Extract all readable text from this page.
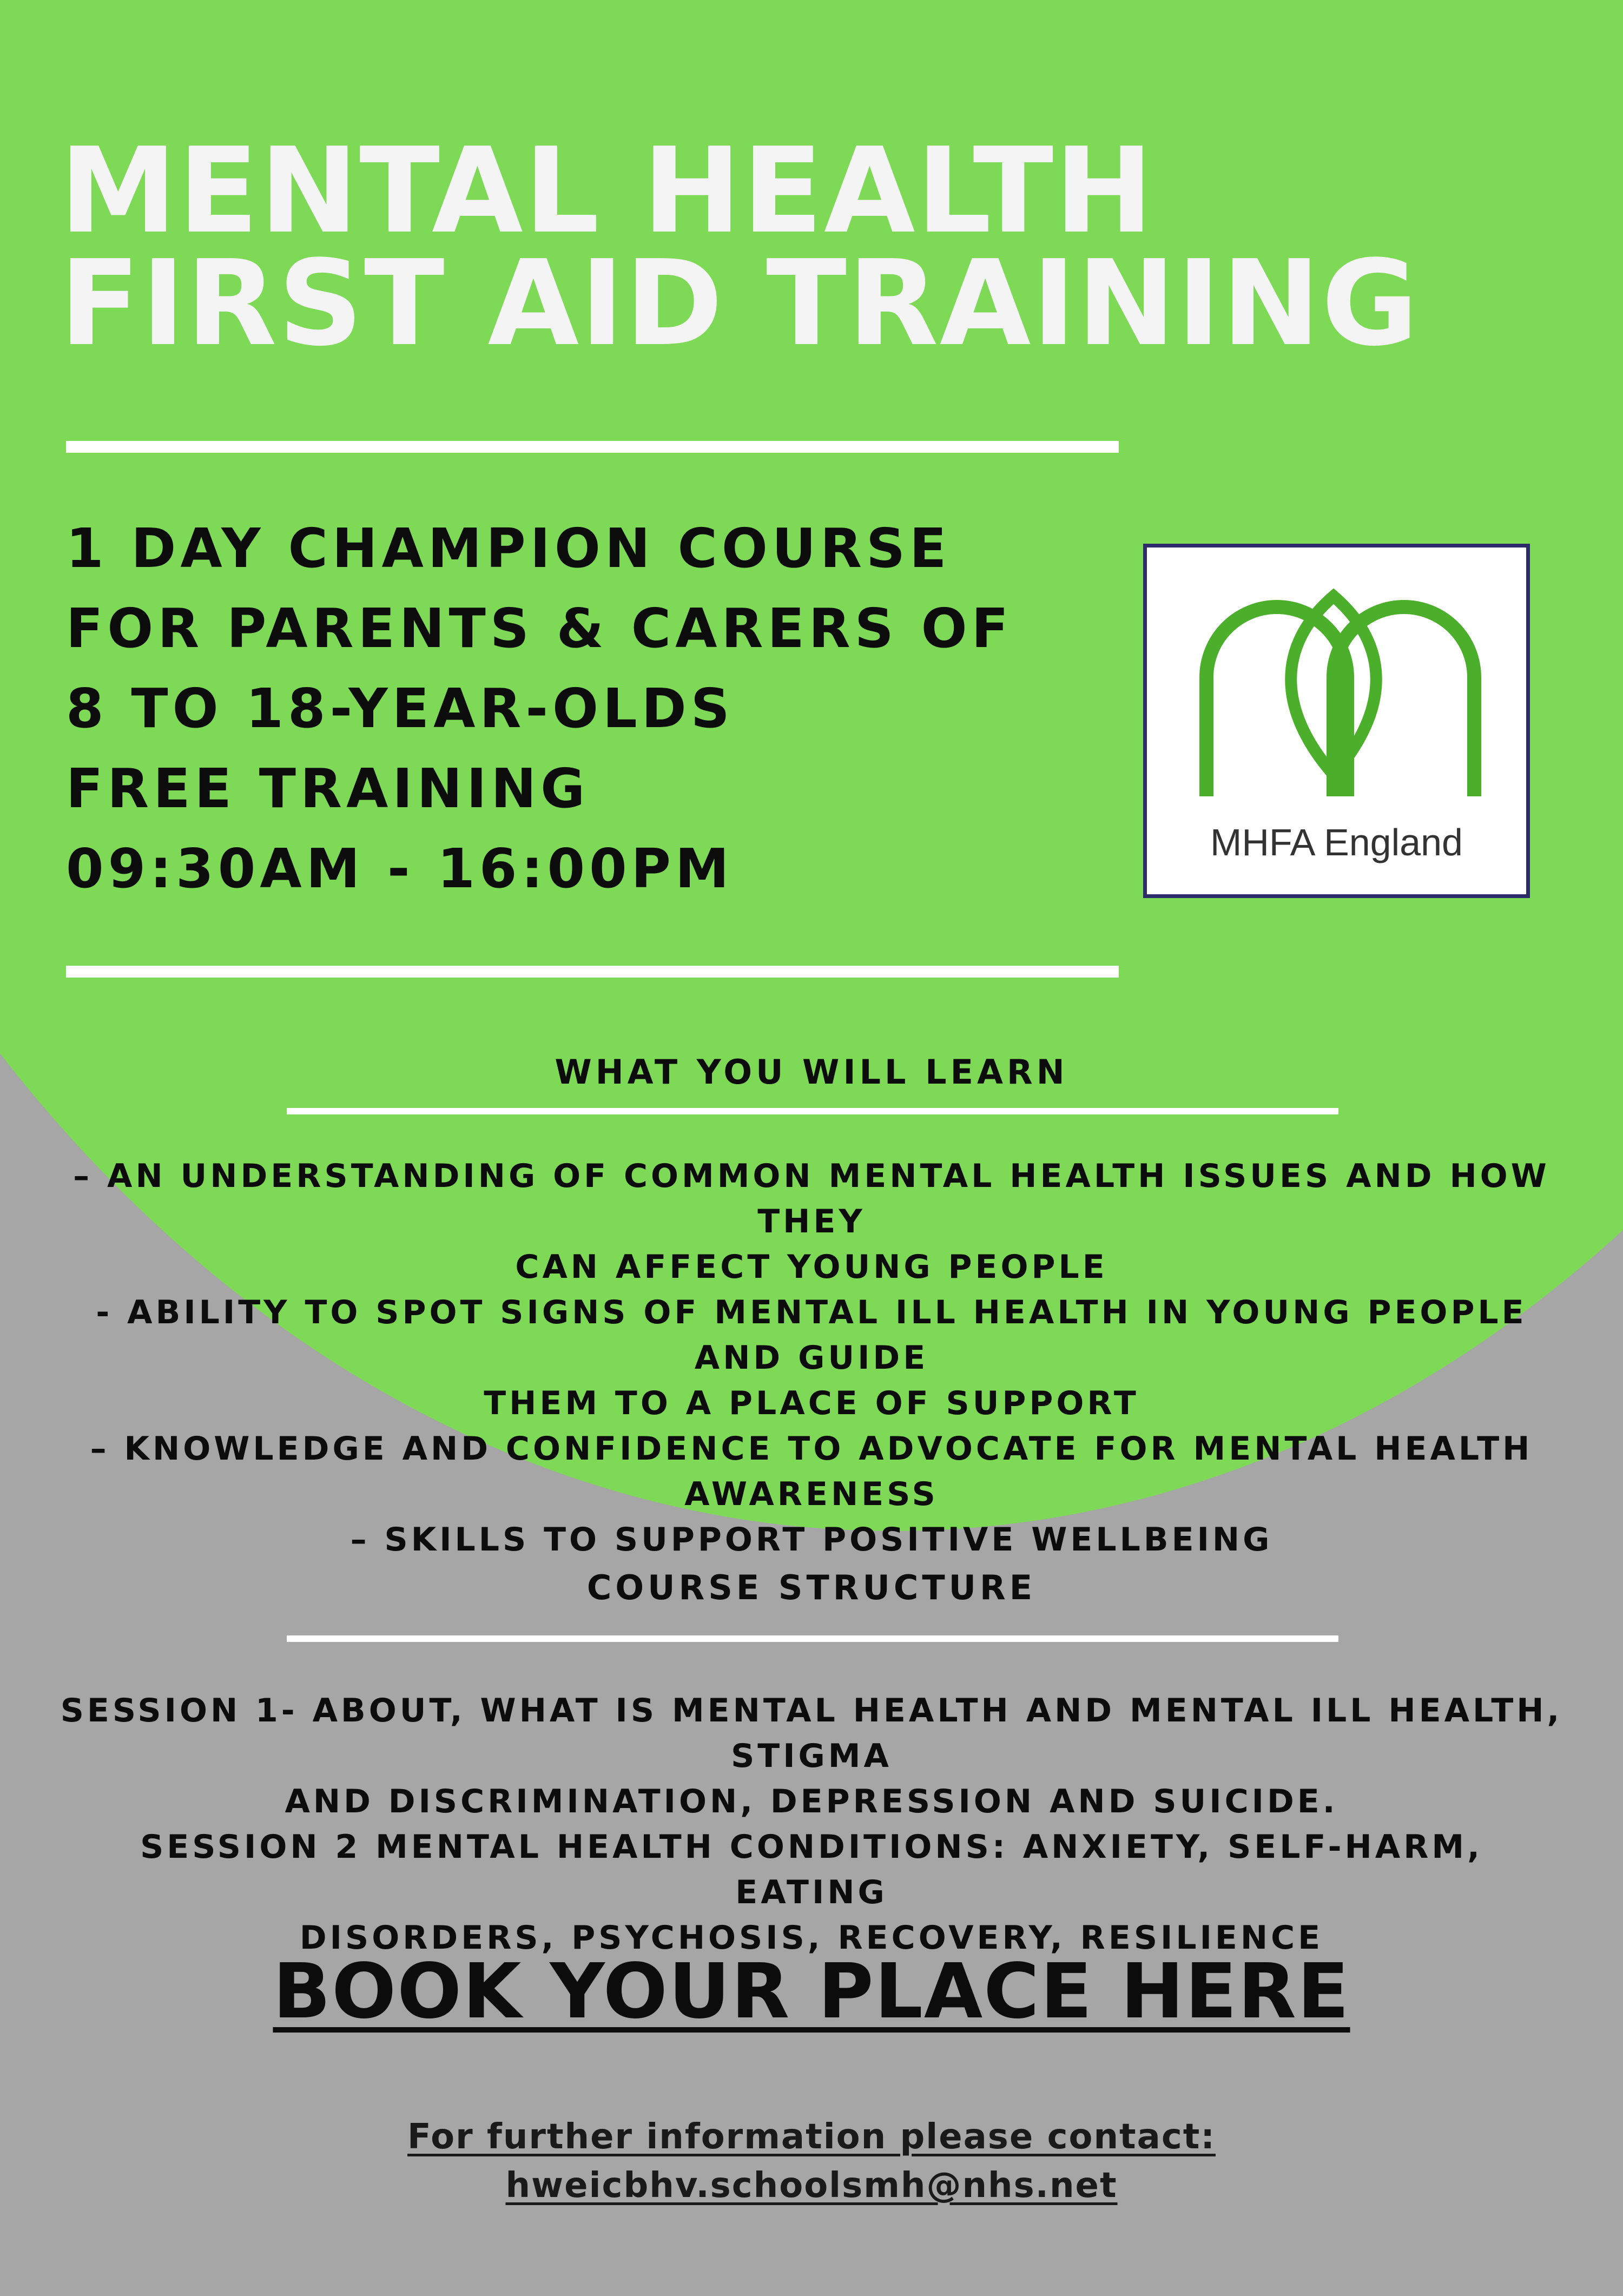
MENTAL HEALTH
FIRST AID TRAINING
1 DAY CHAMPION COURSE
FOR PARENTS & CARERS OF
8 TO 18-YEAR-OLDS
FREE TRAINING
09:30AM - 16:00PM	MHFA England
WHAT YOU WILL LEARN
– AN UNDERSTANDING OF COMMON MENTAL HEALTH ISSUES AND HOW THEY
CAN AFFECT YOUNG PEOPLE
- ABILITY TO SPOT SIGNS OF MENTAL ILL HEALTH IN YOUNG PEOPLE AND GUIDE
THEM TO A PLACE OF SUPPORT
– KNOWLEDGE AND CONFIDENCE TO ADVOCATE FOR MENTAL HEALTH
AWARENESS
– SKILLS TO SUPPORT POSITIVE WELLBEING
COURSE STRUCTURE
SESSION 1- ABOUT, WHAT IS MENTAL HEALTH AND MENTAL ILL HEALTH, STIGMA
AND DISCRIMINATION, DEPRESSION AND SUICIDE.
SESSION 2 MENTAL HEALTH CONDITIONS: ANXIETY, SELF-HARM, EATING
DISORDERS, PSYCHOSIS, RECOVERY, RESILIENCE
BOOK YOUR PLACE HERE
For further information please contact:
hweicbhv.schoolsmh@nhs.net
